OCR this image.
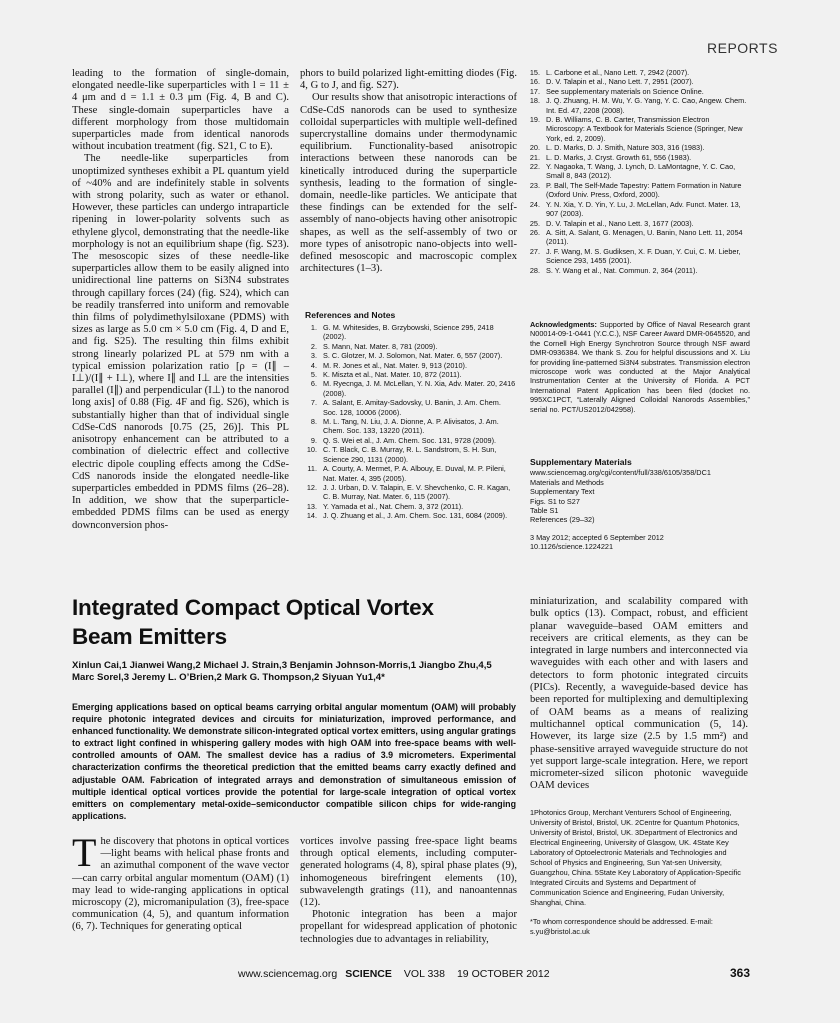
REPORTS

leading to the formation of single-domain, elongated needle-like superparticles with l = 11 ± 4 μm and d = 1.1 ± 0.3 μm (Fig. 4, B and C). These single-domain superparticles have a different morphology from those multidomain superparticles made from identical nanorods without incubation treatment (fig. S21, C to E).

The needle-like superparticles from unoptimized syntheses exhibit a PL quantum yield of ~40% and are indefinitely stable in solvents with strong polarity, such as water or ethanol. However, these particles can undergo intraparticle ripening in lower-polarity solvents such as ethylene glycol, demonstrating that the needle-like morphology is not an equilibrium shape (fig. S23). The mesoscopic sizes of these needle-like superparticles allow them to be easily aligned into unidirectional line patterns on Si3N4 substrates through capillary forces (24) (fig. S24), which can be readily transferred into uniform and removable thin films of polydimethylsiloxane (PDMS) with sizes as large as 5.0 cm × 5.0 cm (Fig. 4, D and E, and fig. S25). The resulting thin films exhibit strong linearly polarized PL at 579 nm with a typical emission polarization ratio [ρ = (I∥ – I⊥)/(I∥ + I⊥), where I∥ and I⊥ are the intensities parallel (I∥) and perpendicular (I⊥) to the nanorod long axis] of 0.88 (Fig. 4F and fig. S26), which is substantially higher than that of individual single CdSe-CdS nanorods [0.75 (25, 26)]. This PL anisotropy enhancement can be attributed to a combination of dielectric effect and collective electric dipole coupling effects among the CdSe-CdS nanorods inside the elongated needle-like superparticles embedded in PDMS films (26–28). In addition, we show that the superparticle-embedded PDMS films can be used as energy downconversion phos-

phors to build polarized light-emitting diodes (Fig. 4, G to J, and fig. S27).

Our results show that anisotropic interactions of CdSe-CdS nanorods can be used to synthesize colloidal superparticles with multiple well-defined supercrystalline domains under thermodynamic equilibrium. Functionality-based anisotropic interactions between these nanorods can be kinetically introduced during the superparticle synthesis, leading to the formation of single-domain, needle-like particles. We anticipate that these findings can be extended for the self-assembly of nano-objects having other anisotropic shapes, as well as the self-assembly of two or more types of anisotropic nano-objects into well-defined mesoscopic and macroscopic complex architectures (1–3).

References and Notes
1. G. M. Whitesides, B. Grzybowski, Science 295, 2418 (2002).
2. S. Mann, Nat. Mater. 8, 781 (2009).
3. S. C. Glotzer, M. J. Solomon, Nat. Mater. 6, 557 (2007).
4. M. R. Jones et al., Nat. Mater. 9, 913 (2010).
5. K. Miszta et al., Nat. Mater. 10, 872 (2011).
6. M. Ryecnga, J. M. McLellan, Y. N. Xia, Adv. Mater. 20, 2416 (2008).
7. A. Salant, E. Amitay-Sadovsky, U. Banin, J. Am. Chem. Soc. 128, 10006 (2006).
8. M. L. Tang, N. Liu, J. A. Dionne, A. P. Alivisatos, J. Am. Chem. Soc. 133, 13220 (2011).
9. Q. S. Wei et al., J. Am. Chem. Soc. 131, 9728 (2009).
10. C. T. Black, C. B. Murray, R. L. Sandstrom, S. H. Sun, Science 290, 1131 (2000).
11. A. Courty, A. Mermet, P. A. Albouy, E. Duval, M. P. Pileni, Nat. Mater. 4, 395 (2005).
12. J. J. Urban, D. V. Talapin, E. V. Shevchenko, C. R. Kagan, C. B. Murray, Nat. Mater. 6, 115 (2007).
13. Y. Yamada et al., Nat. Chem. 3, 372 (2011).
14. J. Q. Zhuang et al., J. Am. Chem. Soc. 131, 6084 (2009).
15. L. Carbone et al., Nano Lett. 7, 2942 (2007).
16. D. V. Talapin et al., Nano Lett. 7, 2951 (2007).
17. See supplementary materials on Science Online.
18. J. Q. Zhuang, H. M. Wu, Y. G. Yang, Y. C. Cao, Angew. Chem. Int. Ed. 47, 2208 (2008).
19. D. B. Williams, C. B. Carter, Transmission Electron Microscopy: A Textbook for Materials Science (Springer, New York, ed. 2, 2009).
20. L. D. Marks, D. J. Smith, Nature 303, 316 (1983).
21. L. D. Marks, J. Cryst. Growth 61, 556 (1983).
22. Y. Nagaoka, T. Wang, J. Lynch, D. LaMontagne, Y. C. Cao, Small 8, 843 (2012).
23. P. Ball, The Self-Made Tapestry: Pattern Formation in Nature (Oxford Univ. Press, Oxford, 2000).
24. Y. N. Xia, Y. D. Yin, Y. Lu, J. McLellan, Adv. Funct. Mater. 13, 907 (2003).
25. D. V. Talapin et al., Nano Lett. 3, 1677 (2003).
26. A. Sitt, A. Salant, G. Menagen, U. Banin, Nano Lett. 11, 2054 (2011).
27. J. F. Wang, M. S. Gudiksen, X. F. Duan, Y. Cui, C. M. Lieber, Science 293, 1455 (2001).
28. S. Y. Wang et al., Nat. Commun. 2, 364 (2011).
Acknowledgments: Supported by Office of Naval Research grant N00014-09-1-0441 (Y.C.C.), NSF Career Award DMR-0645520, and the Cornell High Energy Synchrotron Source through NSF award DMR-0936384. We thank S. Zou for helpful discussions and X. Liu for providing line-patterned Si3N4 substrates. Transmission electron microscope work was conducted at the Major Analytical Instrumentation Center at the University of Florida. A PCT International Patent Application has been filed (docket no. 995XC1PCT, “Laterally Aligned Colloidal Nanorods Assemblies,” serial no. PCT/US2012/042958).
Supplementary Materials
www.sciencemag.org/cgi/content/full/338/6105/358/DC1
Materials and Methods
Supplementary Text
Figs. S1 to S27
Table S1
References (29–32)
3 May 2012; accepted 6 September 2012
10.1126/science.1224221
Integrated Compact Optical Vortex
Beam Emitters
Xinlun Cai,1 Jianwei Wang,2 Michael J. Strain,3 Benjamin Johnson-Morris,1 Jiangbo Zhu,4,5
Marc Sorel,3 Jeremy L. O’Brien,2 Mark G. Thompson,2 Siyuan Yu1,4*
Emerging applications based on optical beams carrying orbital angular momentum (OAM) will probably require photonic integrated devices and circuits for miniaturization, improved performance, and enhanced functionality. We demonstrate silicon-integrated optical vortex emitters, using angular gratings to extract light confined in whispering gallery modes with high OAM into free-space beams with well-controlled amounts of OAM. The smallest device has a radius of 3.9 micrometers. Experimental characterization confirms the theoretical prediction that the emitted beams carry exactly defined and adjustable OAM. Fabrication of integrated arrays and demonstration of simultaneous emission of multiple identical optical vortices provide the potential for large-scale integration of optical vortex emitters on complementary metal-oxide–semiconductor compatible silicon chips for wide-ranging applications.
miniaturization, and scalability compared with bulk optics (13). Compact, robust, and efficient planar waveguide–based OAM emitters and receivers are critical elements, as they can be integrated in large numbers and interconnected via waveguides with each other and with lasers and detectors to form photonic integrated circuits (PICs). Recently, a waveguide-based device has been reported for multiplexing and demultiplexing of OAM beams as a means of realizing multichannel optical communication (5, 14). However, its large size (2.5 by 1.5 mm²) and phase-sensitive arrayed waveguide structure do not yet support large-scale integration. Here, we report micrometer-sized silicon photonic waveguide OAM devices
1Photonics Group, Merchant Venturers School of Engineering, University of Bristol, Bristol, UK. 2Centre for Quantum Photonics, University of Bristol, Bristol, UK. 3Department of Electronics and Electrical Engineering, University of Glasgow, UK. 4State Key Laboratory of Optoelectronic Materials and Technologies and School of Physics and Engineering, Sun Yat-sen University, Guangzhou, China. 5State Key Laboratory of Application-Specific Integrated Circuits and Systems and Department of Communication Science and Engineering, Fudan University, Shanghai, China.
*To whom correspondence should be addressed. E-mail: s.yu@bristol.ac.uk
The discovery that photons in optical vortices—light beams with helical phase fronts and an azimuthal component of the wave vector—can carry orbital angular momentum (OAM) (1) may lead to wide-ranging applications in optical microscopy (2), micromanipulation (3), free-space communication (4, 5), and quantum information (6, 7). Techniques for generating optical

vortices involve passing free-space light beams through optical elements, including computer-generated holograms (4, 8), spiral phase plates (9), inhomogeneous birefringent elements (10), subwavelength gratings (11), and nanoantennas (12).

Photonic integration has been a major propellant for widespread application of photonic technologies due to advantages in reliability,

www.sciencemag.org SCIENCE VOL 338 19 OCTOBER 2012	363
